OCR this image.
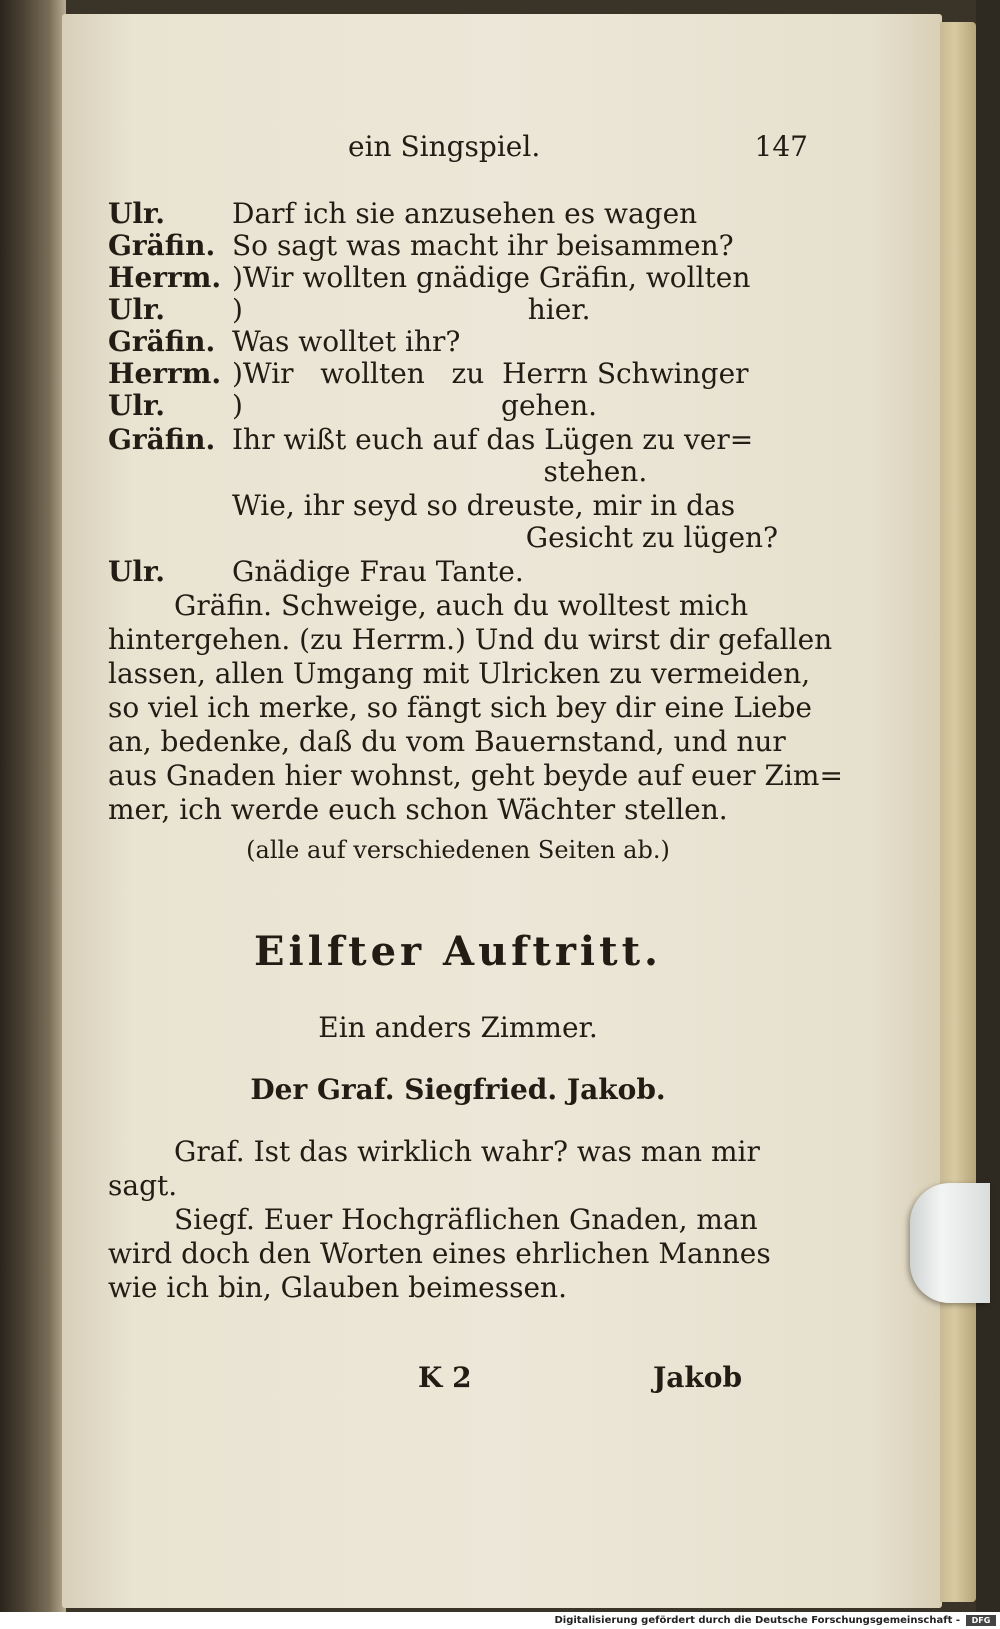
ein Singspiel.	147
Ulr. Darf ich sie anzusehen es wagen
Gräfin. So sagt was macht ihr beisammen?
Herrm. )Wir wollten gnädige Gräfin, wollten
Ulr. )                                hier.
Gräfin. Was wolltet ihr?
Herrm. )Wir   wollten   zu  Herrn Schwinger
Ulr. )                             gehen.
Gräfin. Ihr wißt euch auf das Lügen zu ver=
stehen.
Wie, ihr seyd so dreuste, mir in das
Gesicht zu lügen?
Ulr. Gnädige Frau Tante.
Gräfin. Schweige, auch du wolltest mich
hintergehen. (zu Herrm.) Und du wirst dir gefallen
lassen, allen Umgang mit Ulricken zu vermeiden,
so viel ich merke, so fängt sich bey dir eine Liebe
an, bedenke, daß du vom Bauernstand, und nur
aus Gnaden hier wohnst, geht beyde auf euer Zim=
mer, ich werde euch schon Wächter stellen.
(alle auf verschiedenen Seiten ab.)
Eilfter Auftritt.
Ein anders Zimmer.
Der Graf. Siegfried. Jakob.
Graf. Ist das wirklich wahr? was man mir
sagt.
Siegf. Euer Hochgräflichen Gnaden, man
wird doch den Worten eines ehrlichen Mannes
wie ich bin, Glauben beimessen.
K 2	Jakob
Digitalisierung gefördert durch die Deutsche Forschungsgemeinschaft -	DFG
